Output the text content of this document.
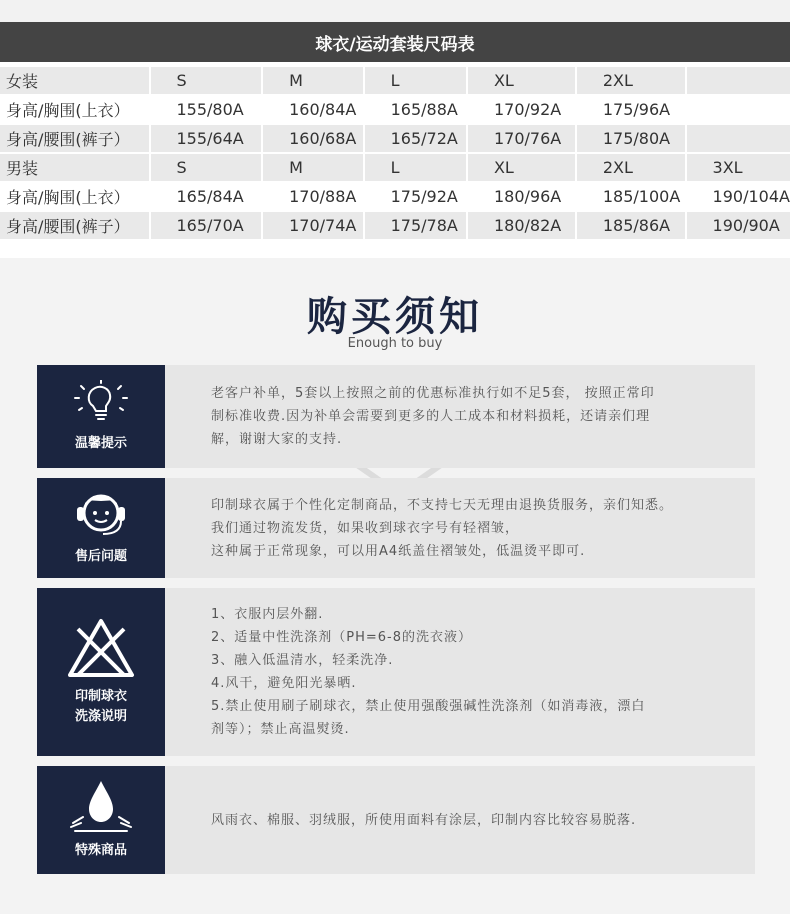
球衣/运动套装尺码表
女装	S	M	L	XL	2XL	
身高/胸围(上衣）	155/80A	160/84A	165/88A	170/92A	175/96A	
身高/腰围(裤子）	155/64A	160/68A	165/72A	170/76A	175/80A	
男装	S	M	L	XL	2XL	3XL
身高/胸围(上衣）	165/84A	170/88A	175/92A	180/96A	185/100A	190/104A
身高/腰围(裤子）	165/70A	170/74A	175/78A	180/82A	185/86A	190/90A
购买须知
Enough to buy
温馨提示

老客户补单，5套以上按照之前的优惠标准执行如不足5套， 按照正常印

制标准收费.因为补单会需要到更多的人工成本和材料损耗，还请亲们理

解，谢谢大家的支持.

售后问题

印制球衣属于个性化定制商品，不支持七天无理由退换货服务，亲们知悉。

我们通过物流发货，如果收到球衣字号有轻褶皱，

这种属于正常现象，可以用A4纸盖住褶皱处，低温烫平即可.

印制球衣
洗涤说明

1、衣服内层外翻.

2、适量中性洗涤剂（PH=6-8的洗衣液）

3、融入低温清水，轻柔洗净.

4.风干，避免阳光暴晒.

5.禁止使用刷子刷球衣，禁止使用强酸强碱性洗涤剂（如消毒液，漂白

剂等）；禁止高温熨烫.

特殊商品

风雨衣、棉服、羽绒服，所使用面料有涂层，印制内容比较容易脱落.
